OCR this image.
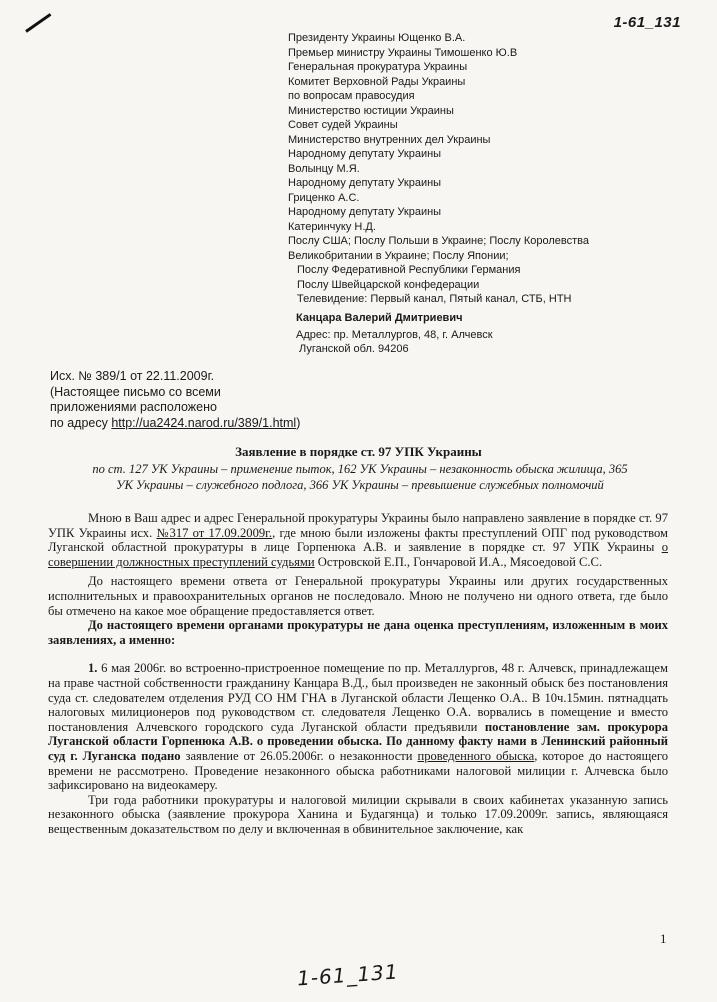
1-61_131
Президенту Украины Ющенко В.А.
Премьер министру Украины Тимошенко Ю.В
Генеральная прокуратура Украины
Комитет Верховной Рады Украины
по вопросам правосудия
Министерство юстиции Украины
Совет судей Украины
Министерство внутренних дел Украины
Народному депутату Украины
Волынцу М.Я.
Народному депутату Украины
Гриценко А.С.
Народному депутату Украины
Катеринчуку Н.Д.
Послу США; Послу Польши в Украине; Послу Королевства
Великобритании в Украине; Послу Японии;
Послу Федеративной Республики Германия
Послу Швейцарской конфедерации
Телевидение: Первый канал, Пятый канал, СТБ, НТН
Канцара Валерий Дмитриевич
Адрес: пр. Металлургов, 48, г. Алчевск
Луганской обл. 94206
Исх. № 389/1 от 22.11.2009г.
(Настоящее письмо со всеми
приложениями расположено
по адресу http://ua2424.narod.ru/389/1.html)
Заявление в порядке ст. 97 УПК Украины
по ст. 127 УК Украины – применение пыток, 162 УК Украины – незаконность обыска жилища, 365
УК Украины – служебного подлога, 366 УК Украины – превышение служебных полномочий

Мною в Ваш адрес и адрес Генеральной прокуратуры Украины было направлено заявление в порядке ст. 97 УПК Украины исх. №317 от 17.09.2009г., где мною были изложены факты преступлений ОПГ под руководством Луганской областной прокуратуры в лице Горпенюка А.В. и заявление в порядке ст. 97 УПК Украины о совершении должностных преступлений судьями Островской Е.П., Гончаровой И.А., Мясоедовой С.С.

До настоящего времени ответа от Генеральной прокуратуры Украины или других государственных исполнительных и правоохранительных органов не последовало. Мною не получено ни одного ответа, где было бы отмечено на какое мое обращение предоставляется ответ.

До настоящего времени органами прокуратуры не дана оценка преступлениям, изложенным в моих заявлениях, а именно:

1. 6 мая 2006г. во встроенно-пристроенное помещение по пр. Металлургов, 48 г. Алчевск, принадлежащем на праве частной собственности гражданину Канцара В.Д., был произведен не законный обыск без постановления суда ст. следователем отделения РУД СО НМ ГНА в Луганской области Лещенко О.А.. В 10ч.15мин. пятнадцать налоговых милиционеров под руководством ст. следователя Лещенко О.А. ворвались в помещение и вместо постановления Алчевского городского суда Луганской области предъявили постановление зам. прокурора Луганской области Горпенюка А.В. о проведении обыска. По данному факту нами в Ленинский районный суд г. Луганска подано заявление от 26.05.2006г. о незаконности проведенного обыска, которое до настоящего времени не рассмотрено. Проведение незаконного обыска работниками налоговой милиции г. Алчевска было зафиксировано на видеокамеру.

Три года работники прокуратуры и налоговой милиции скрывали в своих кабинетах указанную запись незаконного обыска (заявление прокурора Ханина и Будагянца) и только 17.09.2009г. запись, являющаяся вещественным доказательством по делу и включенная в обвинительное заключение, как

1
1-61_131
